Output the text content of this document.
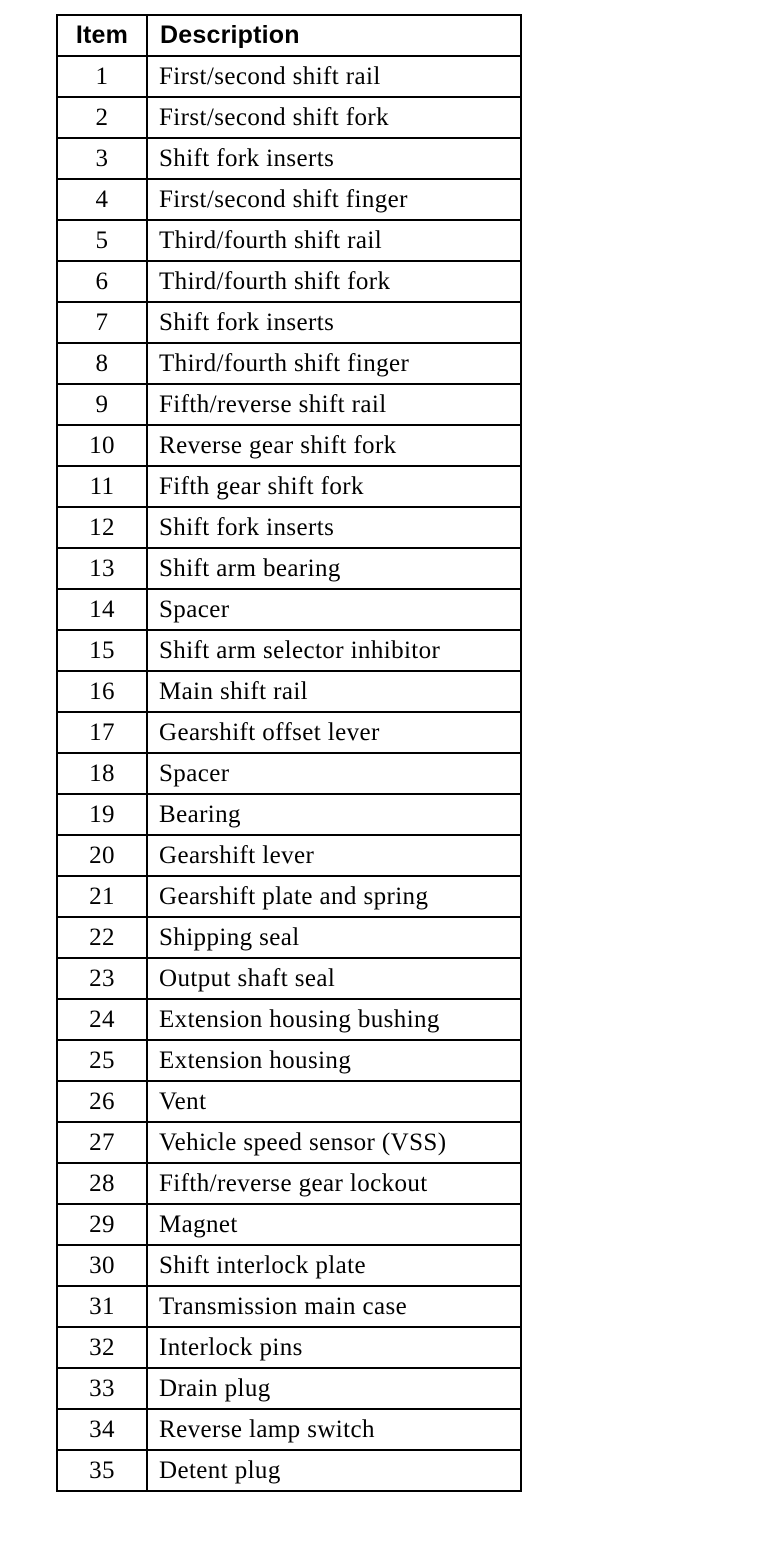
Item	Description
1	First/second shift rail
2	First/second shift fork
3	Shift fork inserts
4	First/second shift finger
5	Third/fourth shift rail
6	Third/fourth shift fork
7	Shift fork inserts
8	Third/fourth shift finger
9	Fifth/reverse shift rail
10	Reverse gear shift fork
11	Fifth gear shift fork
12	Shift fork inserts
13	Shift arm bearing
14	Spacer
15	Shift arm selector inhibitor
16	Main shift rail
17	Gearshift offset lever
18	Spacer
19	Bearing
20	Gearshift lever
21	Gearshift plate and spring
22	Shipping seal
23	Output shaft seal
24	Extension housing bushing
25	Extension housing
26	Vent
27	Vehicle speed sensor (VSS)
28	Fifth/reverse gear lockout
29	Magnet
30	Shift interlock plate
31	Transmission main case
32	Interlock pins
33	Drain plug
34	Reverse lamp switch
35	Detent plug
